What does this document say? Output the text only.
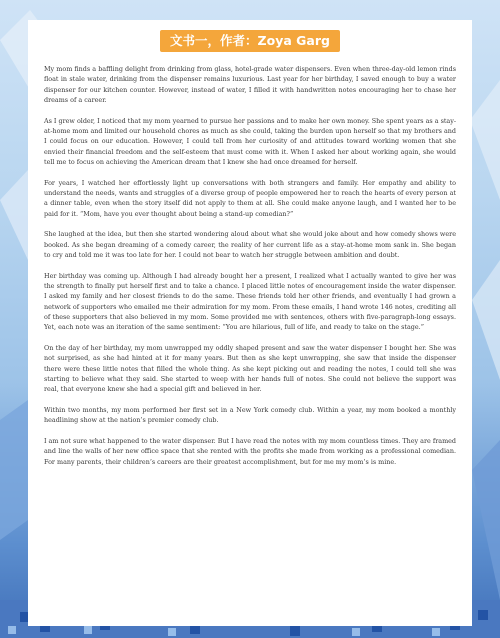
文书一，作者：Zoya Garg

My mom finds a baffling delight from drinking from glass, hotel-grade water dispensers. Even when three-day-old lemon rinds float in stale water, drinking from the dispenser remains luxurious. Last year for her birthday, I saved enough to buy a water dispenser for our kitchen counter. However, instead of water, I filled it with handwritten notes encouraging her to chase her dreams of a career.

As I grew older, I noticed that my mom yearned to pursue her passions and to make her own money. She spent years as a stay-at-home mom and limited our household chores as much as she could, taking the burden upon herself so that my brothers and I could focus on our education. However, I could tell from her curiosity of and attitudes toward working women that she envied their financial freedom and the self-esteem that must come with it. When I asked her about working again, she would tell me to focus on achieving the American dream that I knew she had once dreamed for herself.

For years, I watched her effortlessly light up conversations with both strangers and family. Her empathy and ability to understand the needs, wants and struggles of a diverse group of people empowered her to reach the hearts of every person at a dinner table, even when the story itself did not apply to them at all. She could make anyone laugh, and I wanted her to be paid for it. “Mom, have you ever thought about being a stand-up comedian?”

She laughed at the idea, but then she started wondering aloud about what she would joke about and how comedy shows were booked. As she began dreaming of a comedy career, the reality of her current life as a stay-at-home mom sank in. She began to cry and told me it was too late for her. I could not bear to watch her struggle between ambition and doubt.

Her birthday was coming up. Although I had already bought her a present, I realized what I actually wanted to give her was the strength to finally put herself first and to take a chance. I placed little notes of encouragement inside the water dispenser. I asked my family and her closest friends to do the same. These friends told her other friends, and eventually I had grown a network of supporters who emailed me their admiration for my mom. From these emails, I hand wrote 146 notes, crediting all of these supporters that also believed in my mom. Some provided me with sentences, others with five-paragraph-long essays. Yet, each note was an iteration of the same sentiment: “You are hilarious, full of life, and ready to take on the stage.”

On the day of her birthday, my mom unwrapped my oddly shaped present and saw the water dispenser I bought her. She was not surprised, as she had hinted at it for many years. But then as she kept unwrapping, she saw that inside the dispenser there were these little notes that filled the whole thing. As she kept picking out and reading the notes, I could tell she was starting to believe what they said. She started to weep with her hands full of notes. She could not believe the support was real, that everyone knew she had a special gift and believed in her.

Within two months, my mom performed her first set in a New York comedy club. Within a year, my mom booked a monthly headlining show at the nation’s premier comedy club.

I am not sure what happened to the water dispenser. But I have read the notes with my mom countless times. They are framed and line the walls of her new office space that she rented with the profits she made from working as a professional comedian. For many parents, their children’s careers are their greatest accomplishment, but for me my mom’s is mine.
